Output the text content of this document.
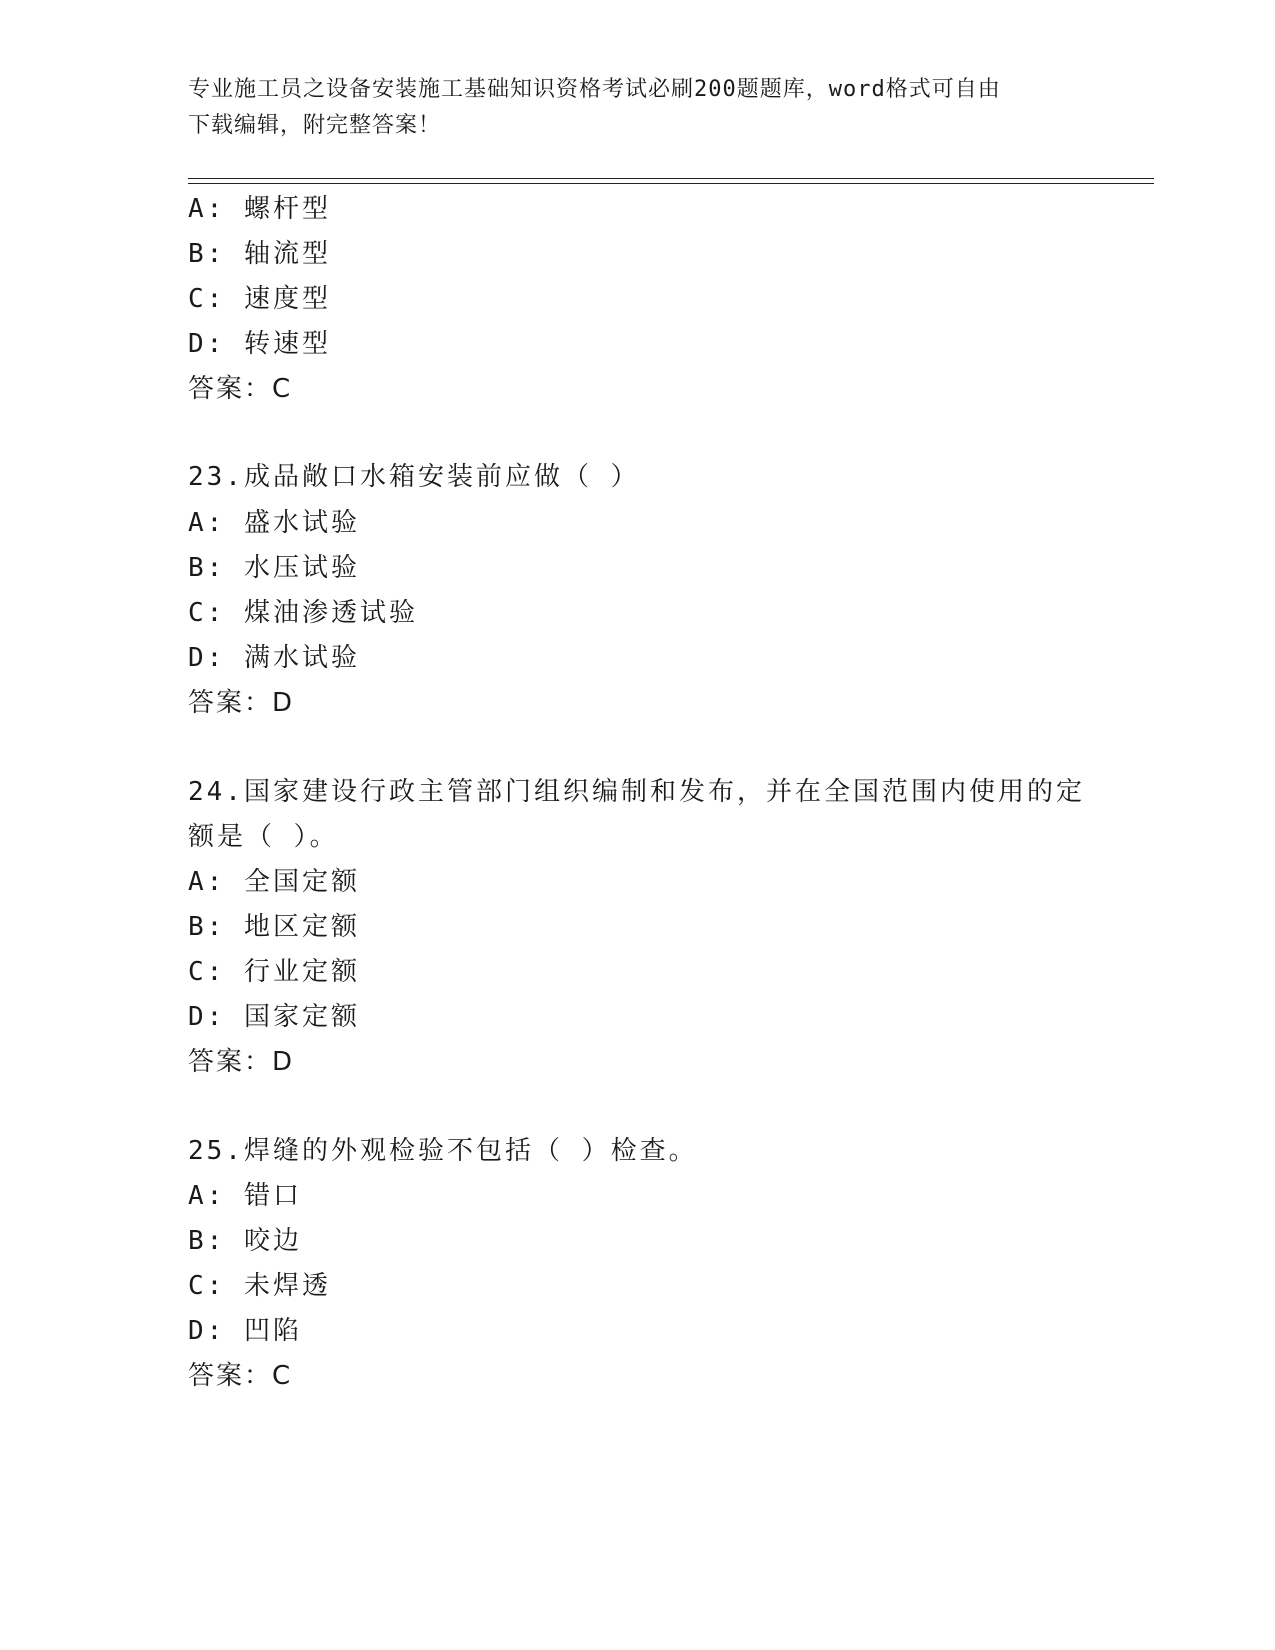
专业施工员之设备安装施工基础知识资格考试必刷200题题库，word格式可自由
下载编辑，附完整答案！

A: 螺杆型

B: 轴流型

C: 速度型

D: 转速型

答案：C

23.成品敞口水箱安装前应做（ ）

A: 盛水试验

B: 水压试验

C: 煤油渗透试验

D: 满水试验

答案：D

24.国家建设行政主管部门组织编制和发布，并在全国范围内使用的定

额是（ ）。

A: 全国定额

B: 地区定额

C: 行业定额

D: 国家定额

答案：D

25.焊缝的外观检验不包括（ ）检查。

A: 错口

B: 咬边

C: 未焊透

D: 凹陷

答案：C
